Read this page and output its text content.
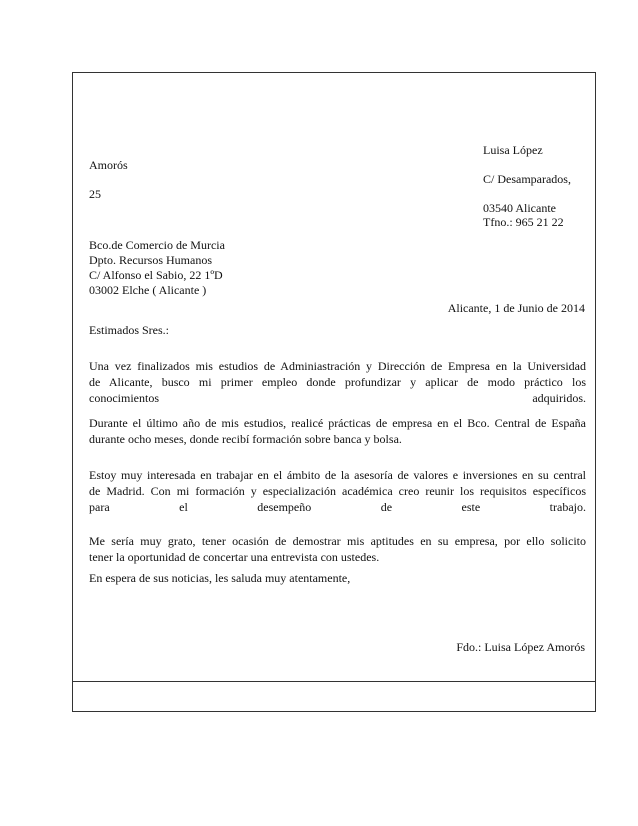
Luisa López
Amorós
C/ Desamparados,
25
03540 Alicante
Tfno.: 965 21 22
Bco.de Comercio de Murcia
Dpto. Recursos Humanos
C/ Alfonso el Sabio, 22 1ºD
03002 Elche ( Alicante )
Alicante, 1 de Junio de 2014
Estimados Sres.:
Una vez finalizados mis estudios de Adminiastración y Dirección de Empresa en la Universidad
de Alicante, busco mi primer empleo donde profundizar y aplicar de modo práctico los
conocimientos	adquiridos.
Durante el último año de mis estudios, realicé prácticas de empresa en el Bco. Central de España
durante ocho meses, donde recibí formación sobre banca y bolsa.
Estoy muy interesada en trabajar en el ámbito de la asesoría de valores e inversiones en su central
de Madrid. Con mi formación y especialización académica creo reunir los requisitos específicos
para el desempeño de este trabajo.
Me sería muy grato, tener ocasión de demostrar mis aptitudes en su empresa, por ello solicito
tener la oportunidad de concertar una entrevista con ustedes.
En espera de sus noticias, les saluda muy atentamente,
Fdo.: Luisa López Amorós
